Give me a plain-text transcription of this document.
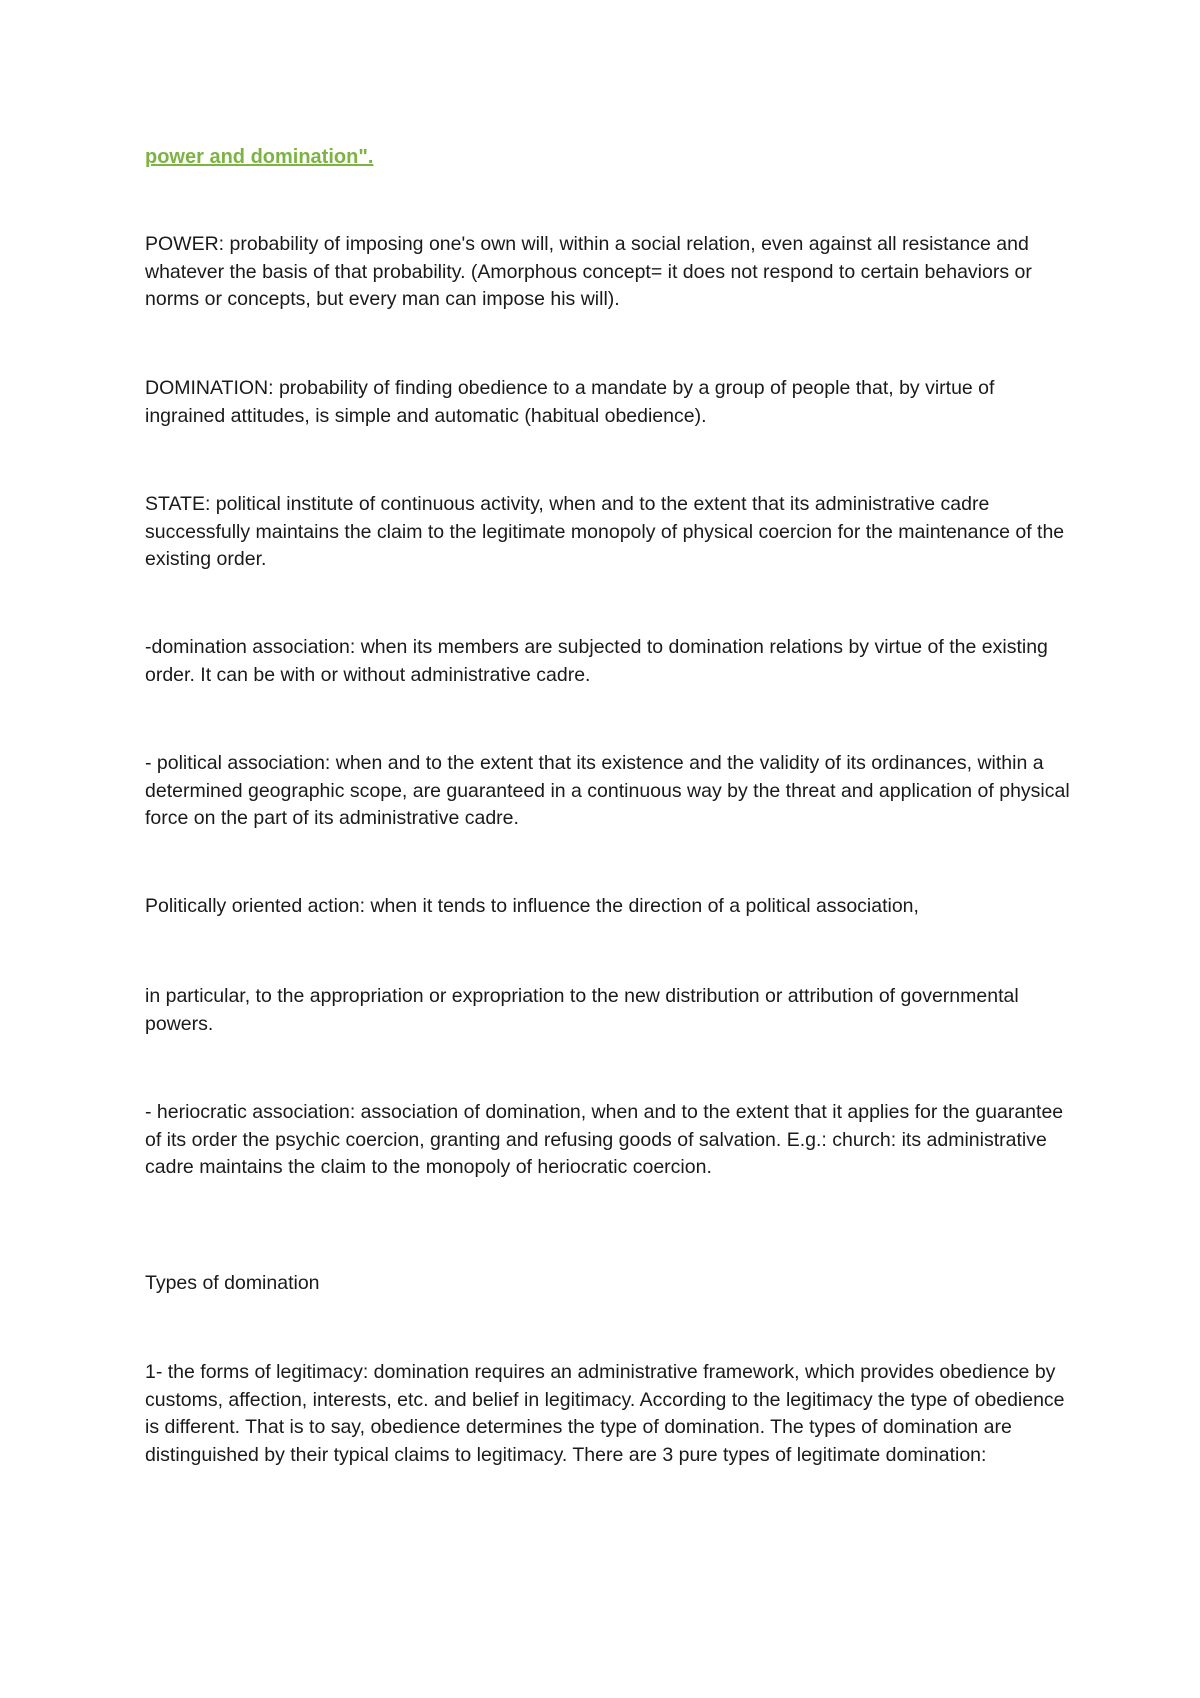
power and domination".

POWER: probability of imposing one's own will, within a social relation, even against all resistance and whatever the basis of that probability. (Amorphous concept= it does not respond to certain behaviors or norms or concepts, but every man can impose his will).

DOMINATION: probability of finding obedience to a mandate by a group of people that, by virtue of ingrained attitudes, is simple and automatic (habitual obedience).

STATE: political institute of continuous activity, when and to the extent that its administrative cadre successfully maintains the claim to the legitimate monopoly of physical coercion for the maintenance of the existing order.

-domination association: when its members are subjected to domination relations by virtue of the existing order. It can be with or without administrative cadre.

- political association: when and to the extent that its existence and the validity of its ordinances, within a determined geographic scope, are guaranteed in a continuous way by the threat and application of physical force on the part of its administrative cadre.

Politically oriented action: when it tends to influence the direction of a political association,

in particular, to the appropriation or expropriation to the new distribution or attribution of governmental powers.

- heriocratic association: association of domination, when and to the extent that it applies for the guarantee of its order the psychic coercion, granting and refusing goods of salvation. E.g.: church: its administrative cadre maintains the claim to the monopoly of heriocratic coercion.

Types of domination

1- the forms of legitimacy: domination requires an administrative framework, which provides obedience by customs, affection, interests, etc. and belief in legitimacy. According to the legitimacy the type of obedience is different. That is to say, obedience determines the type of domination. The types of domination are distinguished by their typical claims to legitimacy. There are 3 pure types of legitimate domination:
